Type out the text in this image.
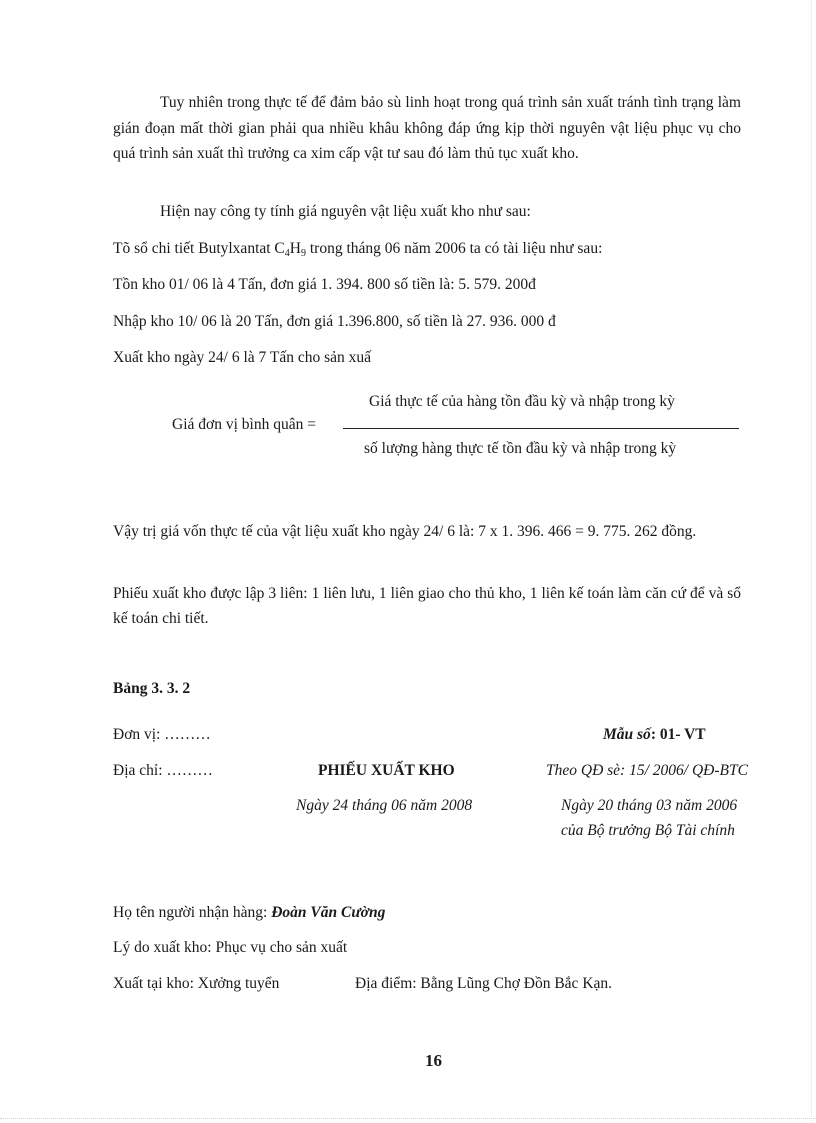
Tuy nhiên trong thực tế để đảm bảo sù linh hoạt trong quá trình sản xuất tránh tình trạng làm gián đoạn mất thời gian phải qua nhiều khâu không đáp ứng kịp thời nguyên vật liệu phục vụ cho quá trình sản xuất thì trưởng ca xim cấp vật tư sau đó làm thủ tục xuất kho.
Hiện nay công ty tính giá nguyên vật liệu xuất kho như sau:
Tõ sổ chi tiết Butylxantat $C_4H_9$ trong tháng 06 năm 2006 ta có tài liệu như sau:
Tồn kho 01/ 06 là 4 Tấn, đơn giá 1. 394. 800 số tiền là: 5. 579. 200đ
Nhập kho 10/ 06 là 20 Tấn, đơn giá 1.396.800, số tiền là 27. 936. 000 đ
Xuất kho ngày 24/ 6 là 7 Tấn cho sản xuấ
Giá đơn vị bình quân =
Giá thực tế của hàng tồn đầu kỳ và nhập trong kỳ
số lượng hàng thực tế tồn đầu kỳ và nhập trong kỳ
Vậy trị giá vốn thực tế của vật liệu xuất kho ngày 24/ 6 là: 7 x 1. 396. 466 = 9. 775. 262 đồng.
Phiếu xuất kho được lập 3 liên: 1 liên lưu, 1 liên giao cho thủ kho, 1 liên kế toán làm căn cứ để và sổ kế toán chi tiết.
Bảng 3. 3. 2
Đơn vị: ………	Mẫu số: 01- VT
Địa chỉ: ………	PHIẾU XUẤT KHO	Theo QĐ sè: 15/ 2006/ QĐ-BTC
Ngày 24 tháng 06 năm 2008	Ngày 20 tháng 03 năm 2006
của Bộ trưởng Bộ Tài chính
Họ tên người nhận hàng: Đoàn Văn Cường
Lý do xuất kho: Phục vụ cho sản xuất
Xuất tại kho: Xưởng tuyển	Địa điểm: Bằng Lũng Chợ Đồn Bắc Kạn.
16
